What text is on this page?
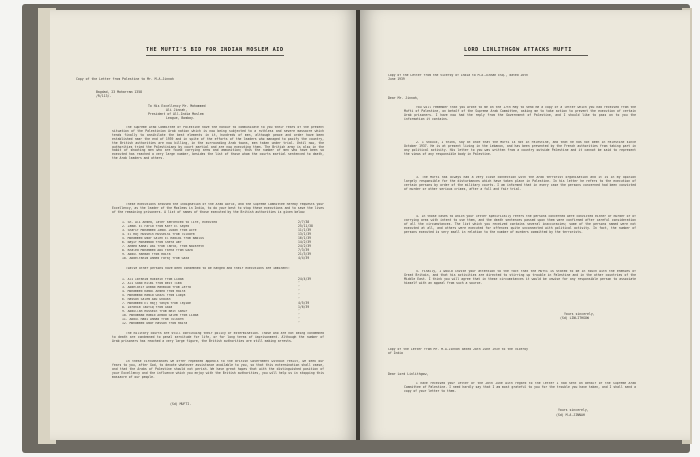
THE MUFTI'S BID FOR INDIAN MOSLEM AID
Copy of the Letter from Palestine to Mr. M.A.Jinnah
Bagdad, 23 Moharram 1358
/R/113/-
To His Excellency Mr. Mohammed
Ali Jinnah,
President of All-India Moslem
League, Bombay.
The Supreme Arab Committee of Palestine have the honour to communicate to you their fears of the present situation of the Palestinian Arab nation which is now being subjected to a ruthless and severe massacre which tends finally to annihilate the best elements in it, hundreds of men, although peace and order have been established near the end of 1939 and in spite of the efforts of the leaders who managed to pacify the country, the British authorities are now killing, in the surrounding Arab towns, men taken under trial. Until now, the authorities tried the Palestinians by court martial and are now executing them. The British army is also in the habit of shooting men who are found carrying arms and ammunition; thus the number of men who have been so executed has reached a very large number, besides the list of those whom the courts martial sentenced to death, the Arab leaders and others.
These executions aroused the indignation of the Arab world, and the Supreme Committee hereby requests your Excellency, as the leader of the Moslems in India, to do your best to stop these executions and to save the lives of the remaining prisoners. A list of names of those executed by the British authorities is given below:
1. Sh. Ali Ahmed, later sentenced to life, executed	2/7/38
2. Jamal El Farid from Kafr El Sayed	25/11/38
3. Sharif Mohammed Jamal Judah from Acre	11/1/39
4. El Haj Hussein Husseini from Tulkarm	13/1/39
5. Mohammed Omar Saleh El Hadidi from Nablus	16/1/39
6. Nayif Mohammad from Shefa Amr	14/2/39
7. Ahmed Kamal Dai from Tanta, from Nazareth	24/2/39
8. Khaled Mohammed Abu Farha from Gaza	7/3/39
9. Abdul Rahman from Haifa	21/3/39
10. Abdelrahim Ahmed Faraj from Gaza	4/4/39
Twelve other persons have been condemned to be hanged and their executions are imminent:
1. Ali Ibrahim Hussein from Lidda	24/4/39
2. Ali Saad Hilmi from Beit Tima	″
3. Abdelatif Ahmad Mahmoud from Jaffa	″
4. Mohammed Kamal Ahmed from Haifa	″
5. Mohammad Hamid Ghazi from Lubya	″
6. Hassan Salem Abu Ghaush	″
7. Mohammed El Hajj Yahya from Tayibe	4/5/39
8. Ibrahim Tawfiq from Gaza	1/6/39
9. Abdullah Hussein from Beit Sahur	″
10. Mohammad Hamid Ahmad Salem from Lidda	″
11. Abdul Hadi Ahmad from Tulkarm	″
12. Mohammed Omar Hassan from Haifa	″
The military courts are still continuing their policy of extermination. Those who are not being condemned to death are condemned to penal servitude for life, or for long terms of imprisonment. Although the number of Arab prisoners has reached a very large figure, the British authorities are still making arrests.
In these circumstances we offer repeated appeals to the British Government without result, we seek our fears to you, after God, to devote whatever assistance available to you, so that this extermination shall cease, and that the Arabs of Palestine should not perish. We have great hopes that with the distinguished position of your Excellency and the influence which you enjoy with the British authorities, you will help us in stopping this massacre of our people.
(Sd) MUFTI.
LORD LINLITHGOW ATTACKS MUFTI
Copy of the Letter from the Viceroy of India to M.A.Jinnah Esq., dated 26th June 1939
Dear Mr. Jinnah,
You will remember that you wrote to me on the 17th May to send me a copy of a letter which you had received from the Mufti of Palestine, on behalf of the Supreme Arab Committee, asking me to take action to prevent the execution of certain Arab prisoners. I have now had the reply from the Government of Palestine, and I should like to pass on to you the information it contains.
2. I should, I think, say at once that the Mufti is not in Palestine, and that he has not been in Palestine since October 1937. He is at present living in the Lebanon, and has been prevented by the French authorities from taking part in any political activity. His letter to you was written from a country outside Palestine and it cannot be said to represent the views of any responsible body in Palestine.
3. The Mufti has always had a very close connection with the Arab terrorist organisation and it is in my opinion largely responsible for the disturbances which have taken place in Palestine. In his letter he refers to the execution of certain persons by order of the military courts. I am informed that in every case the persons concerned had been convicted of murder or other serious crimes, after a full and fair trial.
4. In those cases to which your letter specifically refers the persons concerned were convicted either of murder or of carrying arms with intent to use them, and the death sentences passed upon them were confirmed after careful consideration of all the circumstances. The list which you received contains several inaccuracies; some of the persons named were not executed at all, and others were executed for offences quite unconnected with political activity. In fact, the number of persons executed is very small in relation to the number of murders committed by the terrorists.
5. Finally, I would invite your attention to the fact that the Mufti is stated to be in touch with the enemies of Great Britain, and that his activities are directed to stirring up trouble in Palestine and in the other countries of the Middle East. I think you will agree that in these circumstances it would be unwise for any responsible person to associate himself with an appeal from such a source.
Yours sincerely,
(Sd) LINLITHGOW
Copy of the Letter from Mr. M.A.Jinnah dated 28th June 1939 to the Viceroy of India
Dear Lord Linlithgow,
I have received your letter of the 26th June with regard to the letter I had sent on behalf of the Supreme Arab Committee of Palestine. I need hardly say that I am most grateful to you for the trouble you have taken, and I shall send a copy of your letter to them.
Yours sincerely,
(Sd) M.A.JINNAH
